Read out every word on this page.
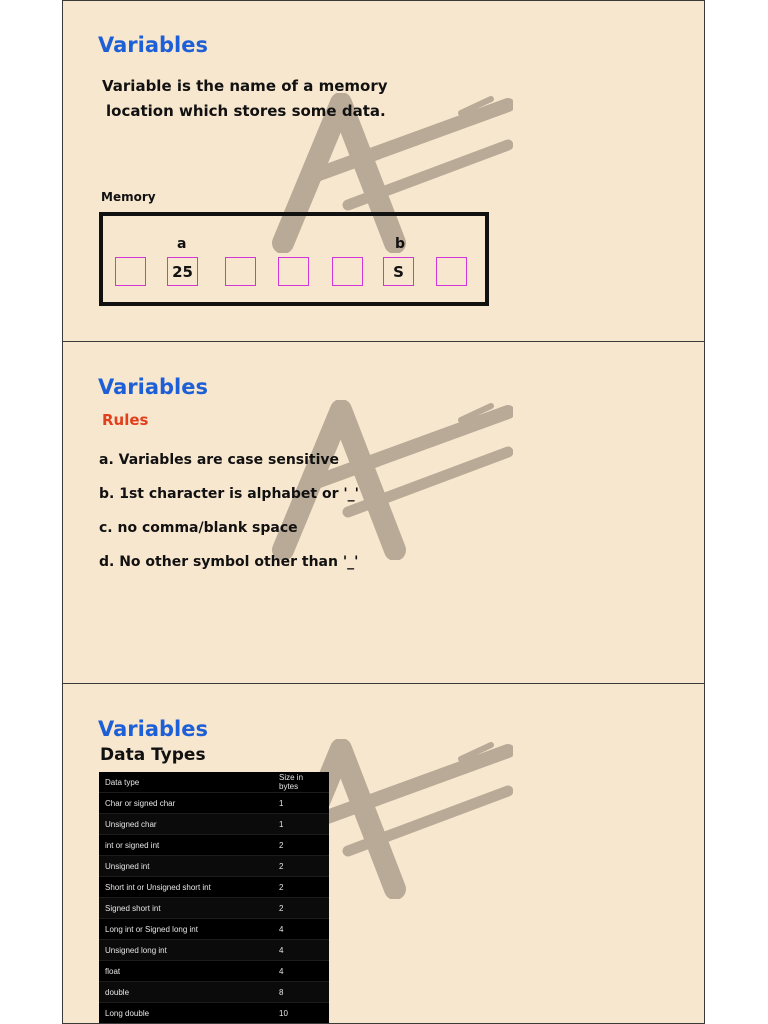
Variables

Variable is the name of a memory
location which stores some data.

Memory
a	b
25	S
Variables
Rules
a. Variables are case sensitive
b. 1st character is alphabet or '_'
c. no comma/blank space
d. No other symbol other than '_'
Variables
Data Types
Data type	Size in bytes
Char or signed char	1
Unsigned char	1
int or signed int	2
Unsigned int	2
Short int or Unsigned short int	2
Signed short int	2
Long int or Signed long int	4
Unsigned long int	4
float	4
double	8
Long double	10
